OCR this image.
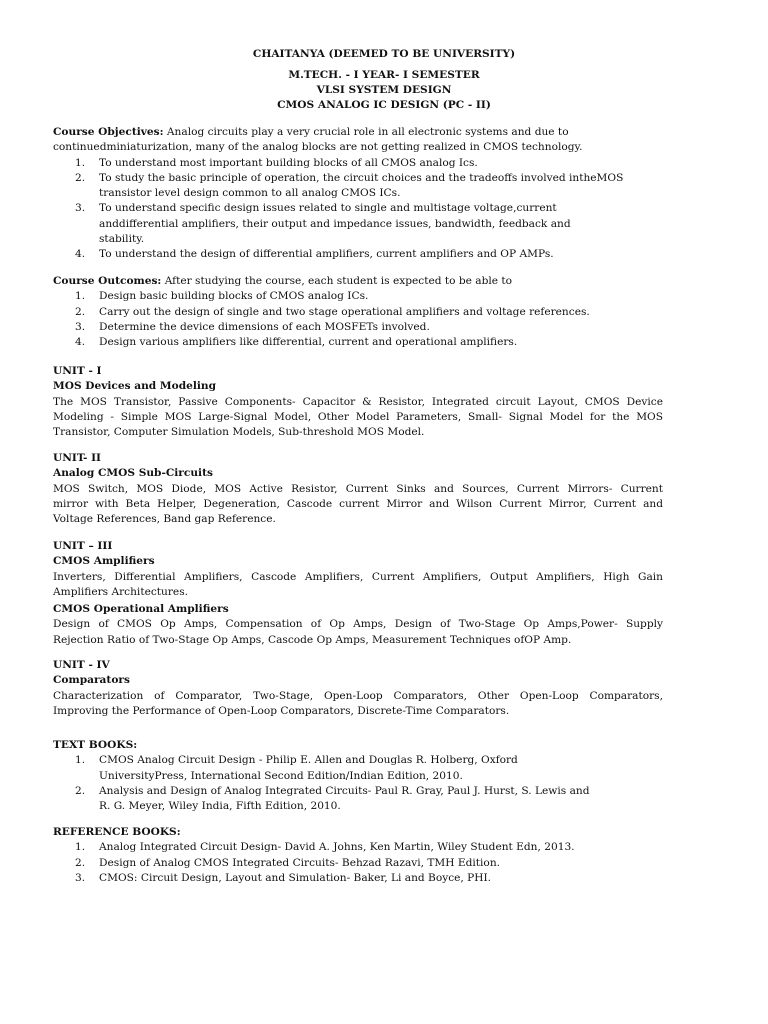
CHAITANYA (DEEMED TO BE UNIVERSITY)
M.TECH. - I YEAR- I SEMESTER
VLSI SYSTEM DESIGN
CMOS ANALOG IC DESIGN (PC - II)
Course Objectives: Analog circuits play a very crucial role in all electronic systems and due to
continuedminiaturization, many of the analog blocks are not getting realized in CMOS technology.
1. To understand most important building blocks of all CMOS analog Ics.
2. To study the basic principle of operation, the circuit choices and the tradeoffs involved intheMOS
transistor level design common to all analog CMOS ICs.
3. To understand specific design issues related to single and multistage voltage,current
anddifferential amplifiers, their output and impedance issues, bandwidth, feedback and
stability.
4. To understand the design of differential amplifiers, current amplifiers and OP AMPs.
Course Outcomes: After studying the course, each student is expected to be able to
1. Design basic building blocks of CMOS analog ICs.
2. Carry out the design of single and two stage operational amplifiers and voltage references.
3. Determine the device dimensions of each MOSFETs involved.
4. Design various amplifiers like differential, current and operational amplifiers.
UNIT - I
MOS Devices and Modeling
The MOS Transistor, Passive Components- Capacitor & Resistor, Integrated circuit Layout, CMOS Device
Modeling - Simple MOS Large-Signal Model, Other Model Parameters, Small- Signal Model for the MOS
Transistor, Computer Simulation Models, Sub-threshold MOS Model.
UNIT- II
Analog CMOS Sub-Circuits
MOS Switch, MOS Diode, MOS Active Resistor, Current Sinks and Sources, Current Mirrors- Current
mirror with Beta Helper, Degeneration, Cascode current Mirror and Wilson Current Mirror, Current and
Voltage References, Band gap Reference.
UNIT – III
CMOS Amplifiers
Inverters, Differential Amplifiers, Cascode Amplifiers, Current Amplifiers, Output Amplifiers, High Gain
Amplifiers Architectures.
CMOS Operational Amplifiers
Design of CMOS Op Amps, Compensation of Op Amps, Design of Two-Stage Op Amps,Power- Supply
Rejection Ratio of Two-Stage Op Amps, Cascode Op Amps, Measurement Techniques ofOP Amp.
UNIT - IV
Comparators
Characterization of Comparator, Two-Stage, Open-Loop Comparators, Other Open-Loop Comparators,
Improving the Performance of Open-Loop Comparators, Discrete-Time Comparators.
TEXT BOOKS:
1. CMOS Analog Circuit Design - Philip E. Allen and Douglas R. Holberg, Oxford
UniversityPress, International Second Edition/Indian Edition, 2010.
2. Analysis and Design of Analog Integrated Circuits- Paul R. Gray, Paul J. Hurst, S. Lewis and
R. G. Meyer, Wiley India, Fifth Edition, 2010.
REFERENCE BOOKS:
1. Analog Integrated Circuit Design- David A. Johns, Ken Martin, Wiley Student Edn, 2013.
2. Design of Analog CMOS Integrated Circuits- Behzad Razavi, TMH Edition.
3. CMOS: Circuit Design, Layout and Simulation- Baker, Li and Boyce, PHI.
